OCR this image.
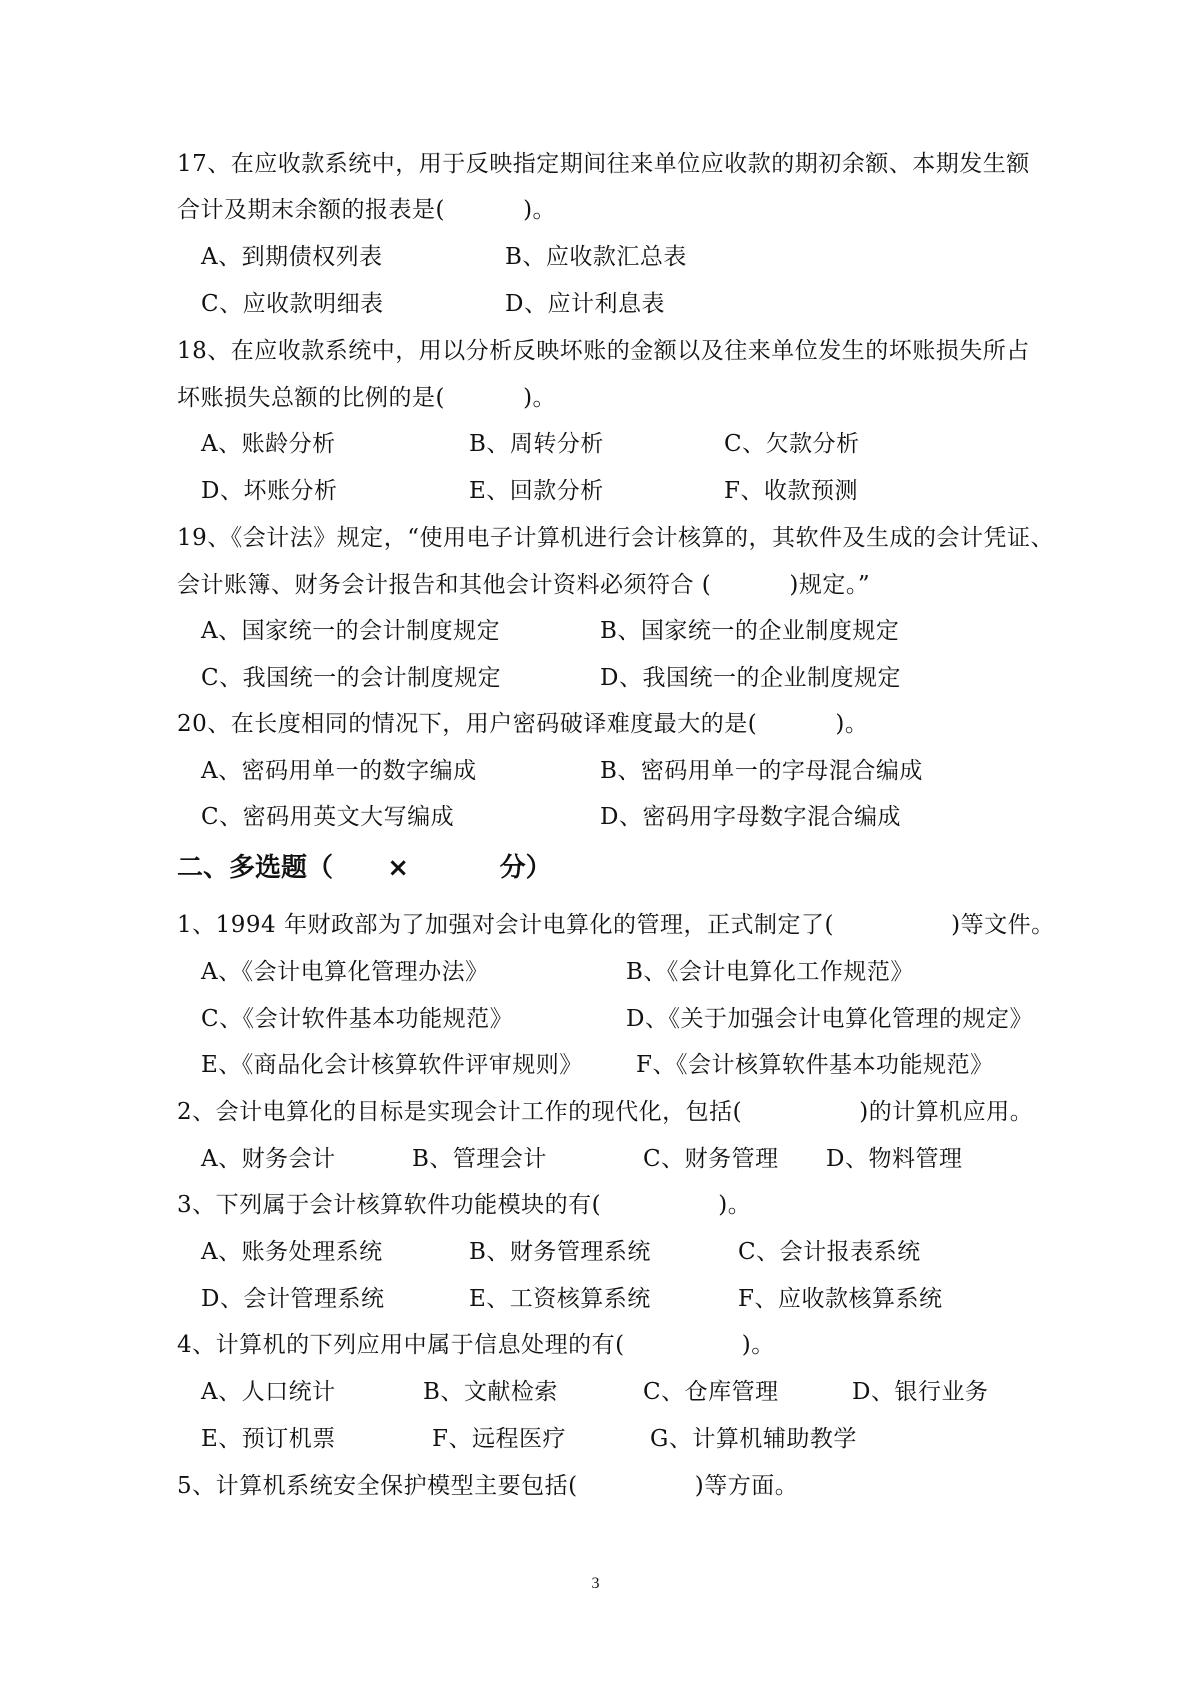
17、在应收款系统中，用于反映指定期间往来单位应收款的期初余额、本期发生额
合计及期末余额的报表是(          )。
A、到期债权列表	B、应收款汇总表
C、应收款明细表	D、应计利息表
18、在应收款系统中，用以分析反映坏账的金额以及往来单位发生的坏账损失所占
坏账损失总额的比例的是(          )。
A、账龄分析	B、周转分析	C、欠款分析
D、坏账分析	E、回款分析	F、收款预测
19、《会计法》规定，“使用电子计算机进行会计核算的，其软件及生成的会计凭证、
会计账簿、财务会计报告和其他会计资料必须符合 (          )规定。”
A、国家统一的会计制度规定	B、国家统一的企业制度规定
C、我国统一的会计制度规定	D、我国统一的企业制度规定
20、在长度相同的情况下，用户密码破译难度最大的是(          )。
A、密码用单一的数字编成	B、密码用单一的字母混合编成
C、密码用英文大写编成	D、密码用字母数字混合编成
二、多选题（      ×          分）
1、1994 年财政部为了加强对会计电算化的管理，正式制定了(               )等文件。
A、《会计电算化管理办法》	B、《会计电算化工作规范》
C、《会计软件基本功能规范》	D、《关于加强会计电算化管理的规定》
E、《商品化会计核算软件评审规则》 F、《会计核算软件基本功能规范》
2、会计电算化的目标是实现会计工作的现代化，包括(               )的计算机应用。
A、财务会计	B、管理会计	C、财务管理 D、物料管理
3、下列属于会计核算软件功能模块的有(               )。
A、账务处理系统	B、财务管理系统	C、会计报表系统
D、会计管理系统	E、工资核算系统	F、应收款核算系统
4、计算机的下列应用中属于信息处理的有(               )。
A、人口统计	B、文献检索	C、仓库管理	D、银行业务
E、预订机票	F、远程医疗	G、计算机辅助教学
5、计算机系统安全保护模型主要包括(               )等方面。
3
